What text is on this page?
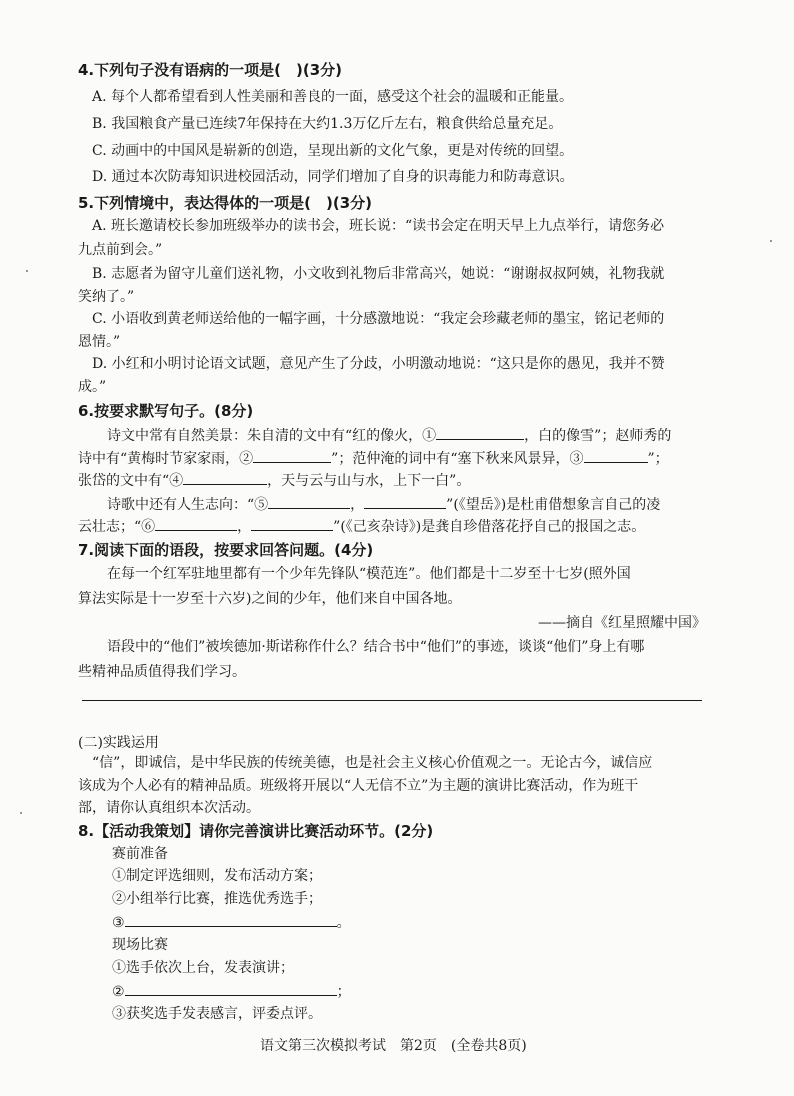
4.下列句子没有语病的一项是(　)(3分)
A. 每个人都希望看到人性美丽和善良的一面，感受这个社会的温暖和正能量。
B. 我国粮食产量已连续7年保持在大约1.3万亿斤左右，粮食供给总量充足。
C. 动画中的中国风是崭新的创造，呈现出新的文化气象，更是对传统的回望。
D. 通过本次防毒知识进校园活动，同学们增加了自身的识毒能力和防毒意识。
5.下列情境中，表达得体的一项是(　)(3分)
A. 班长邀请校长参加班级举办的读书会，班长说：“读书会定在明天早上九点举行，请您务必
九点前到会。”
B. 志愿者为留守儿童们送礼物，小文收到礼物后非常高兴，她说：“谢谢叔叔阿姨，礼物我就
笑纳了。”
C. 小语收到黄老师送给他的一幅字画，十分感激地说：“我定会珍藏老师的墨宝，铭记老师的
恩情。”
D. 小红和小明讨论语文试题，意见产生了分歧，小明激动地说：“这只是你的愚见，我并不赞
成。”
6.按要求默写句子。(8分)
诗文中常有自然美景：朱自清的文中有“红的像火，①	，白的像雪”；赵师秀的
诗中有“黄梅时节家家雨，②	”；范仲淹的词中有“塞下秋来风景异，③	”；
张岱的文中有“④	，天与云与山与水，上下一白”。
诗歌中还有人生志向：“⑤	，	”(《望岳》)是杜甫借想象言自己的凌
云壮志；“⑥	，	”(《己亥杂诗》)是龚自珍借落花抒自己的报国之志。
7.阅读下面的语段，按要求回答问题。(4分)
在每一个红军驻地里都有一个少年先锋队“模范连”。他们都是十二岁至十七岁(照外国
算法实际是十一岁至十六岁)之间的少年，他们来自中国各地。
——摘自《红星照耀中国》
语段中的“他们”被埃德加·斯诺称作什么？结合书中“他们”的事迹，谈谈“他们”身上有哪
些精神品质值得我们学习。
(二)实践运用
“信”，即诚信，是中华民族的传统美德，也是社会主义核心价值观之一。无论古今，诚信应
该成为个人必有的精神品质。班级将开展以“人无信不立”为主题的演讲比赛活动，作为班干
部，请你认真组织本次活动。
8.【活动我策划】请你完善演讲比赛活动环节。(2分)
赛前准备
①制定评选细则，发布活动方案；
②小组举行比赛，推选优秀选手；
③	。
现场比赛
①选手依次上台，发表演讲；
②	；
③获奖选手发表感言，评委点评。
语文第三次模拟考试　第2页　(全卷共8页)
